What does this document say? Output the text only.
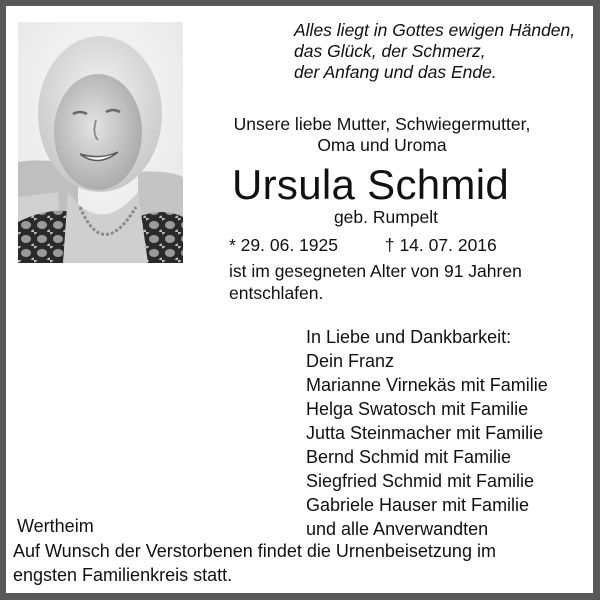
Alles liegt in Gottes ewigen Händen,
das Glück, der Schmerz,
der Anfang und das Ende.
Unsere liebe Mutter, Schwiegermutter,
Oma und Uroma
Ursula Schmid
geb. Rumpelt
* 29. 06. 1925	† 14. 07. 2016
ist im gesegneten Alter von 91 Jahren
entschlafen.
In Liebe und Dankbarkeit:
Dein Franz
Marianne Virnekäs mit Familie
Helga Swatosch mit Familie
Jutta Steinmacher mit Familie
Bernd Schmid mit Familie
Siegfried Schmid mit Familie
Gabriele Hauser mit Familie
und alle Anverwandten
Wertheim
Auf Wunsch der Verstorbenen findet die Urnenbeisetzung im
engsten Familienkreis statt.
